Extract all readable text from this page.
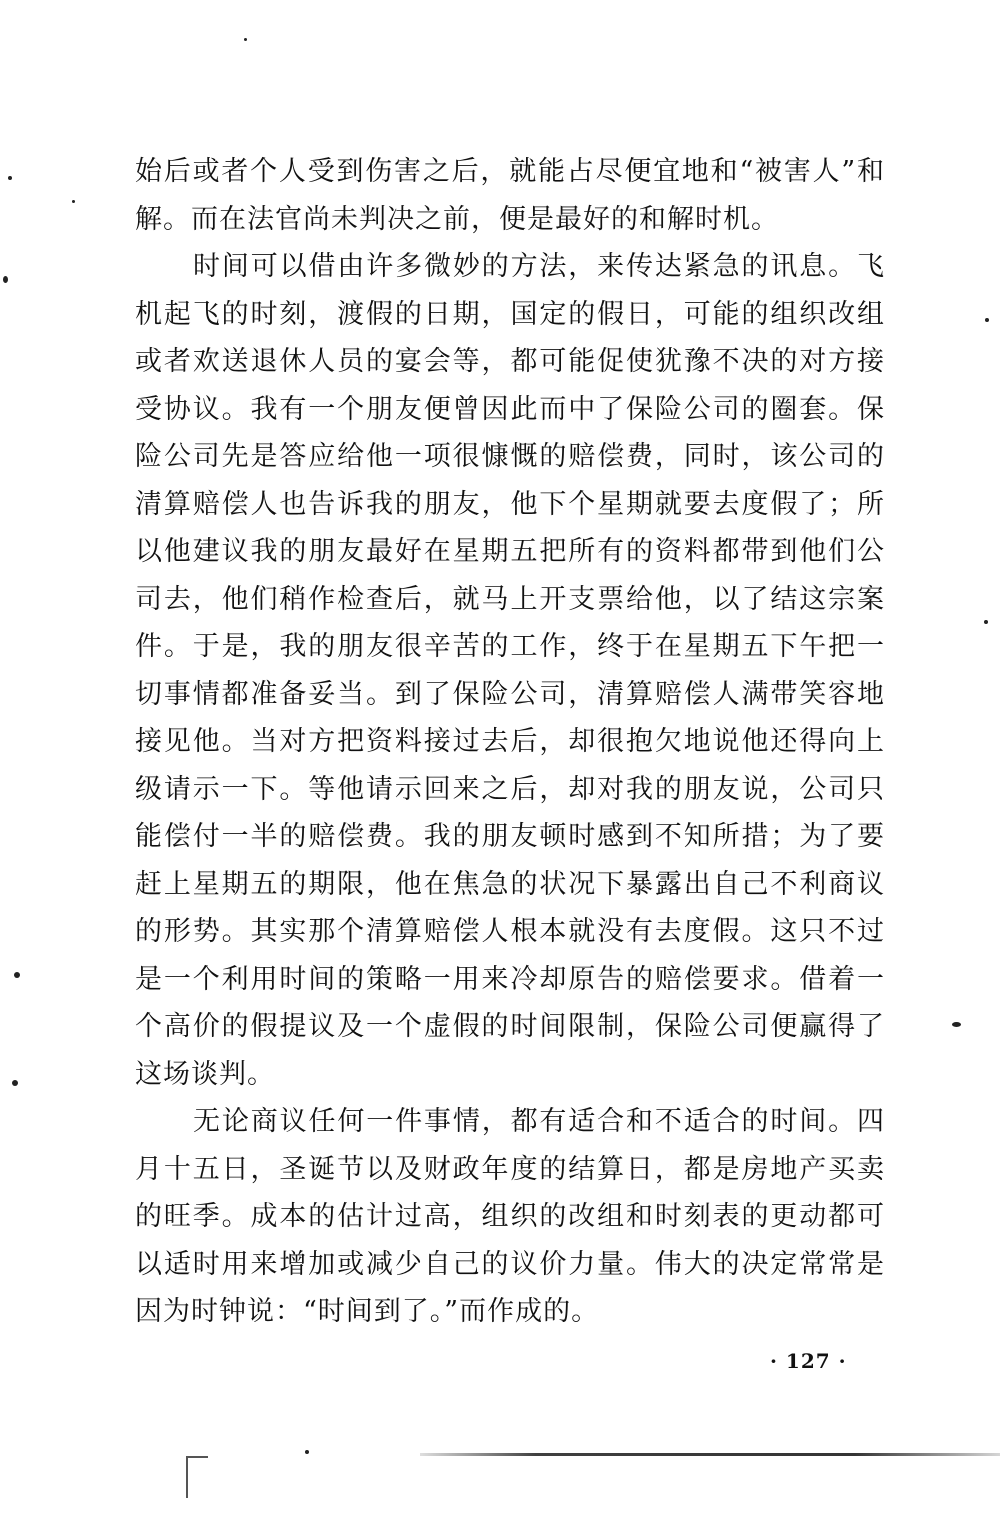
始后或者个人受到伤害之后，就能占尽便宜地和“被害人”和解。而在法官尚未判决之前，便是最好的和解时机。

时间可以借由许多微妙的方法，来传达紧急的讯息。飞机起飞的时刻，渡假的日期，国定的假日，可能的组织改组或者欢送退休人员的宴会等，都可能促使犹豫不决的对方接受协议。我有一个朋友便曾因此而中了保险公司的圈套。保险公司先是答应给他一项很慷慨的赔偿费，同时，该公司的清算赔偿人也告诉我的朋友，他下个星期就要去度假了；所以他建议我的朋友最好在星期五把所有的资料都带到他们公司去，他们稍作检查后，就马上开支票给他，以了结这宗案件。于是，我的朋友很辛苦的工作，终于在星期五下午把一切事情都准备妥当。到了保险公司，清算赔偿人满带笑容地接见他。当对方把资料接过去后，却很抱欠地说他还得向上级请示一下。等他请示回来之后，却对我的朋友说，公司只能偿付一半的赔偿费。我的朋友顿时感到不知所措；为了要赶上星期五的期限，他在焦急的状况下暴露出自己不利商议的形势。其实那个清算赔偿人根本就没有去度假。这只不过是一个利用时间的策略一用来冷却原告的赔偿要求。借着一个高价的假提议及一个虚假的时间限制，保险公司便赢得了这场谈判。

无论商议任何一件事情，都有适合和不适合的时间。四月十五日，圣诞节以及财政年度的结算日，都是房地产买卖的旺季。成本的估计过高，组织的改组和时刻表的更动都可以适时用来增加或减少自己的议价力量。伟大的决定常常是因为时钟说：“时间到了。”而作成的。

· 127 ·
